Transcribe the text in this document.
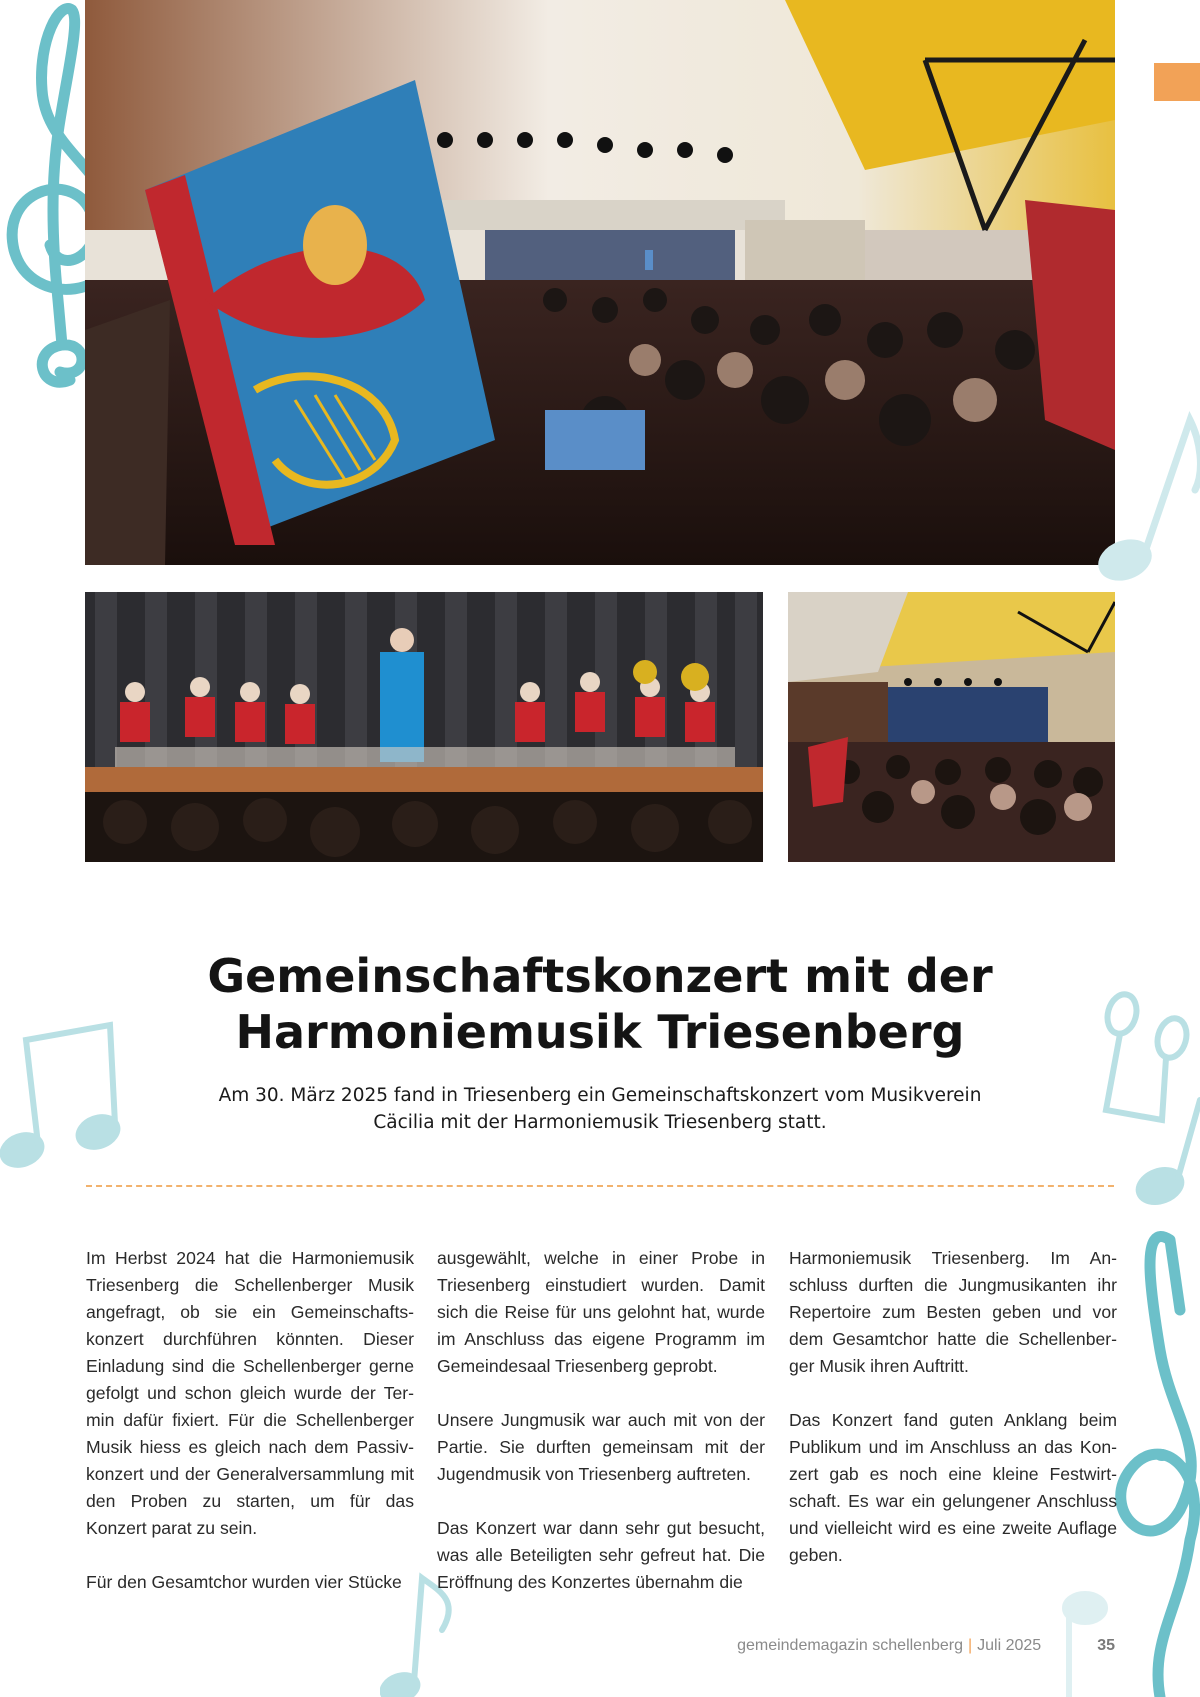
Gemeinschaftskonzert mit der Harmoniemusik Triesenberg

Am 30. März 2025 fand in Triesenberg ein Gemeinschaftskonzert vom Musikverein Cäcilia mit der Harmoniemusik Triesenberg statt.

Im Herbst 2024 hat die Harmoniemusik Triesenberg die Schellenberger Musik angefragt, ob sie ein Gemeinschaftskonzert durchführen könnten. Dieser Einladung sind die Schellenberger gerne gefolgt und schon gleich wurde der Termin dafür fixiert. Für die Schellenberger Musik hiess es gleich nach dem Passivkonzert und der Generalversammlung mit den Proben zu starten, um für das Konzert parat zu sein.

Für den Gesamtchor wurden vier Stücke

ausgewählt, welche in einer Probe in Triesenberg einstudiert wurden. Damit sich die Reise für uns gelohnt hat, wurde im Anschluss das eigene Programm im Gemeindesaal Triesenberg geprobt.

Unsere Jungmusik war auch mit von der Partie. Sie durften gemeinsam mit der Jugendmusik von Triesenberg auftreten.

Das Konzert war dann sehr gut besucht, was alle Beteiligten sehr gefreut hat. Die Eröffnung des Konzertes übernahm die

Harmoniemusik Triesenberg. Im Anschluss durften die Jungmusikanten ihr Repertoire zum Besten geben und vor dem Gesamtchor hatte die Schellenberger Musik ihren Auftritt.

Das Konzert fand guten Anklang beim Publikum und im Anschluss an das Konzert gab es noch eine kleine Festwirtschaft. Es war ein gelungener Anschluss und vielleicht wird es eine zweite Auflage geben.

gemeindemagazin schellenberg | Juli 2025	35
